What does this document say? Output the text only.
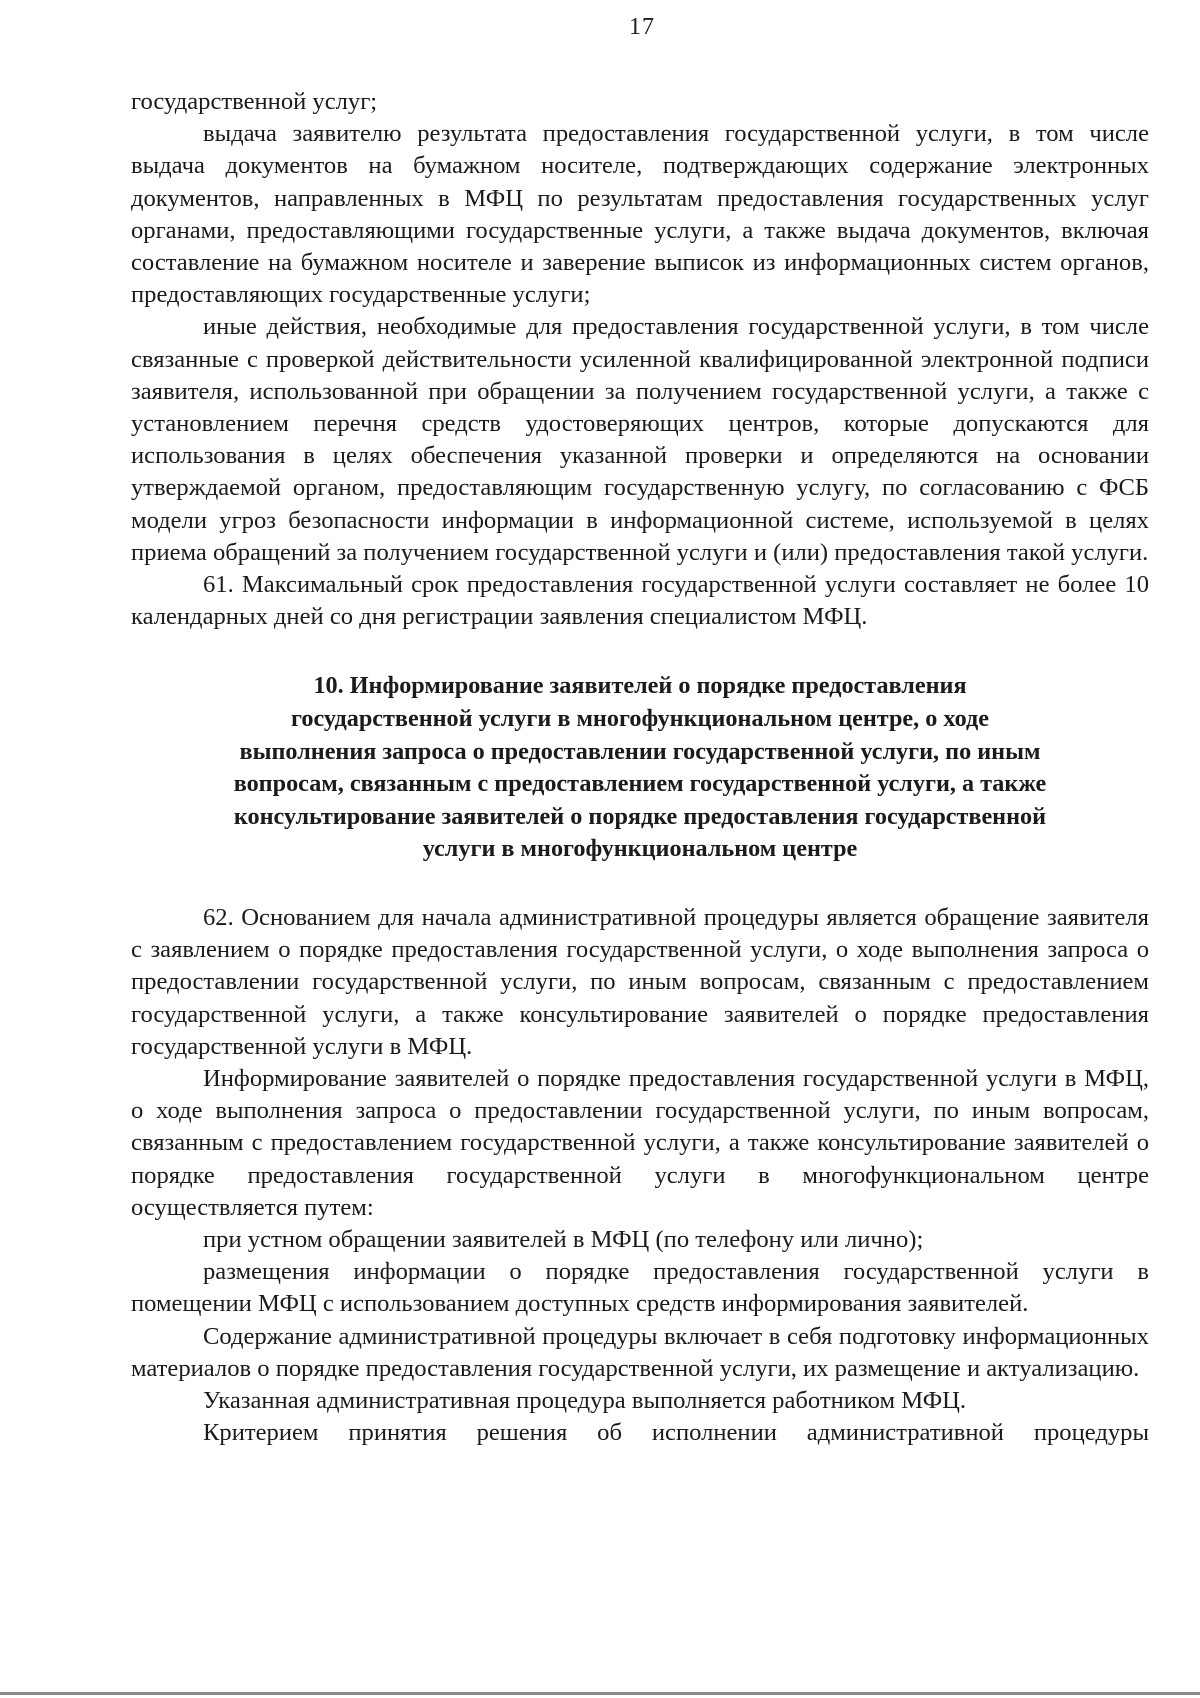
17

государственной услуг;

выдача заявителю результата предоставления государственной услуги, в том числе выдача документов на бумажном носителе, подтверждающих содержание электронных документов, направленных в МФЦ по результатам предоставления государственных услуг органами, предоставляющими государственные услуги, а также выдача документов, включая составление на бумажном носителе и заверение выписок из информационных систем органов, предоставляющих государственные услуги;

иные действия, необходимые для предоставления государственной услуги, в том числе связанные с проверкой действительности усиленной квалифицированной электронной подписи заявителя, использованной при обращении за получением государственной услуги, а также с установлением перечня средств удостоверяющих центров, которые допускаются для использования в целях обеспечения указанной проверки и определяются на основании утверждаемой органом, предоставляющим государственную услугу, по согласованию с ФСБ модели угроз безопасности информации в информационной системе, используемой в целях приема обращений за получением государственной услуги и (или) предоставления такой услуги.

61. Максимальный срок предоставления государственной услуги составляет не более 10 календарных дней со дня регистрации заявления специалистом МФЦ.

10. Информирование заявителей о порядке предоставления
государственной услуги в многофункциональном центре, о ходе
выполнения запроса о предоставлении государственной услуги, по иным
вопросам, связанным с предоставлением государственной услуги, а также
консультирование заявителей о порядке предоставления государственной
услуги в многофункциональном центре

62. Основанием для начала административной процедуры является обращение заявителя с заявлением о порядке предоставления государственной услуги, о ходе выполнения запроса о предоставлении государственной услуги, по иным вопросам, связанным с предоставлением государственной услуги, а также консультирование заявителей о порядке предоставления государственной услуги в МФЦ.

Информирование заявителей о порядке предоставления государственной услуги в МФЦ, о ходе выполнения запроса о предоставлении государственной услуги, по иным вопросам, связанным с предоставлением государственной услуги, а также консультирование заявителей о порядке предоставления государственной услуги в многофункциональном центре осуществляется путем:

при устном обращении заявителей в МФЦ (по телефону или лично);

размещения информации о порядке предоставления государственной услуги в помещении МФЦ с использованием доступных средств информирования заявителей.

Содержание административной процедуры включает в себя подготовку информационных материалов о порядке предоставления государственной услуги, их размещение и актуализацию.

Указанная административная процедура выполняется работником МФЦ.

Критерием принятия решения об исполнении административной процедуры
